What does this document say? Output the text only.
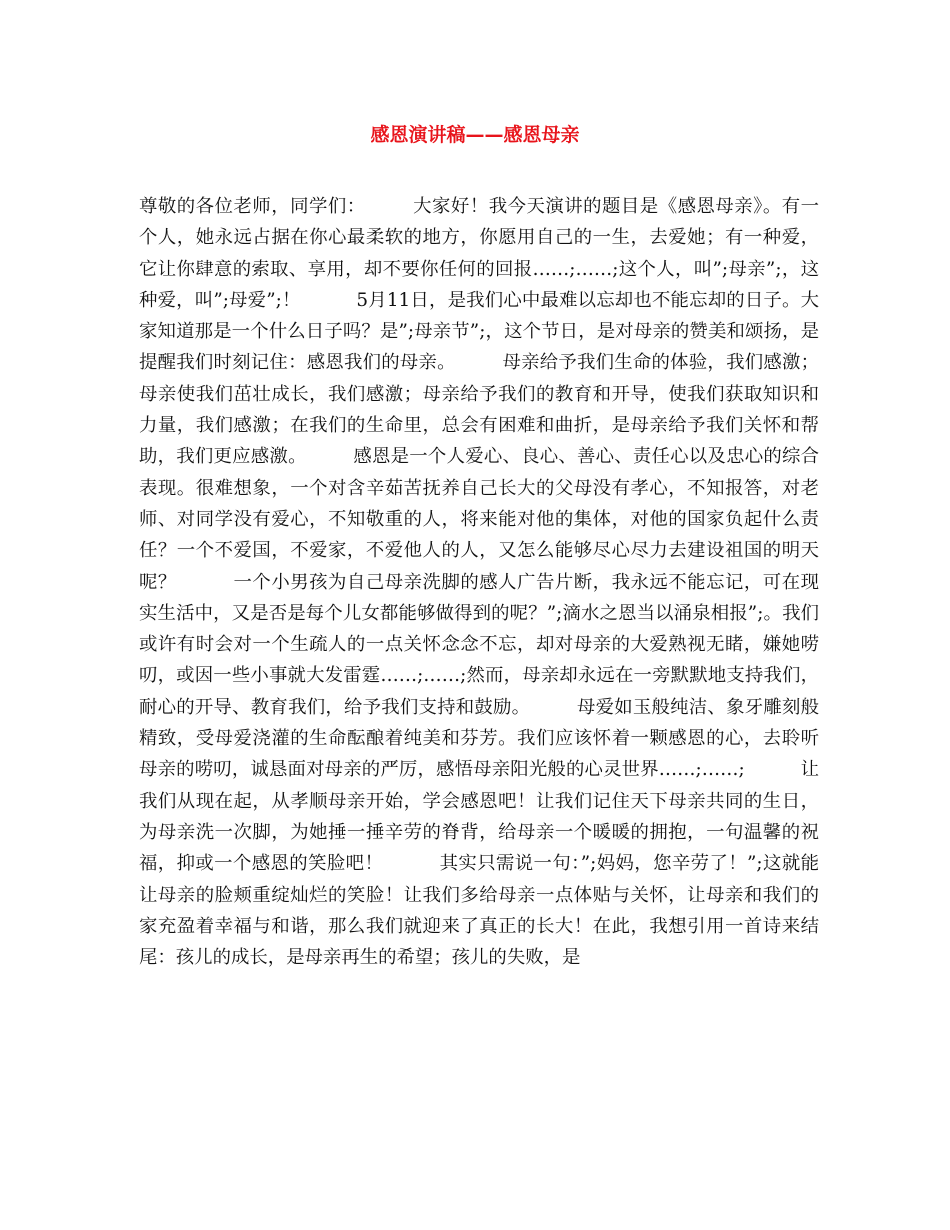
感恩演讲稿——感恩母亲

尊敬的各位老师，同学们：　　　大家好！我今天演讲的题目是《感恩母亲》。有一个人，她永远占据在你心最柔软的地方，你愿用自己的一生，去爱她；有一种爱，它让你肆意的索取、享用，却不要你任何的回报……;……;这个人，叫”;母亲”;，这种爱，叫”;母爱”;！　　　5月11日，是我们心中最难以忘却也不能忘却的日子。大家知道那是一个什么日子吗？是”;母亲节”;，这个节日，是对母亲的赞美和颂扬，是提醒我们时刻记住：感恩我们的母亲。　　　母亲给予我们生命的体验，我们感激；母亲使我们茁壮成长，我们感激；母亲给予我们的教育和开导，使我们获取知识和力量，我们感激；在我们的生命里，总会有困难和曲折，是母亲给予我们关怀和帮助，我们更应感激。　　　感恩是一个人爱心、良心、善心、责任心以及忠心的综合表现。很难想象，一个对含辛茹苦抚养自己长大的父母没有孝心，不知报答，对老师、对同学没有爱心，不知敬重的人，将来能对他的集体，对他的国家负起什么责任？一个不爱国，不爱家，不爱他人的人，又怎么能够尽心尽力去建设祖国的明天呢？　　　一个小男孩为自己母亲洗脚的感人广告片断，我永远不能忘记，可在现实生活中，又是否是每个儿女都能够做得到的呢？”;滴水之恩当以涌泉相报”;。我们或许有时会对一个生疏人的一点关怀念念不忘，却对母亲的大爱熟视无睹，嫌她唠叨，或因一些小事就大发雷霆……;……;然而，母亲却永远在一旁默默地支持我们，耐心的开导、教育我们，给予我们支持和鼓励。　　　母爱如玉般纯洁、象牙雕刻般精致，受母爱浇灌的生命酝酿着纯美和芬芳。我们应该怀着一颗感恩的心，去聆听母亲的唠叨，诚恳面对母亲的严厉，感悟母亲阳光般的心灵世界……;……;　　　让我们从现在起，从孝顺母亲开始，学会感恩吧！让我们记住天下母亲共同的生日，为母亲洗一次脚，为她捶一捶辛劳的脊背，给母亲一个暖暖的拥抱，一句温馨的祝福，抑或一个感恩的笑脸吧！　　　其实只需说一句：”;妈妈，您辛劳了！”;这就能让母亲的脸颊重绽灿烂的笑脸！让我们多给母亲一点体贴与关怀，让母亲和我们的家充盈着幸福与和谐，那么我们就迎来了真正的长大！在此，我想引用一首诗来结尾：孩儿的成长，是母亲再生的希望；孩儿的失败，是
